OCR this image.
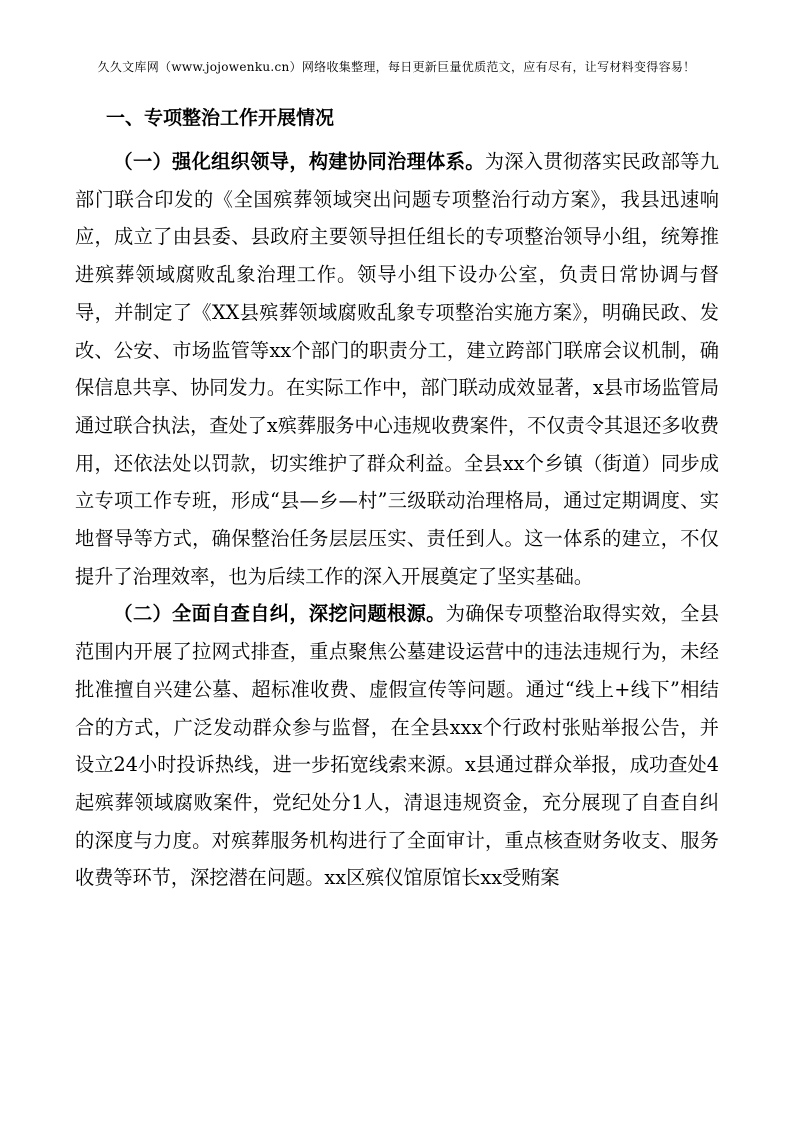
久久文库网（www.jojowenku.cn）网络收集整理，每日更新巨量优质范文，应有尽有，让写材料变得容易！
一、专项整治工作开展情况

（一）强化组织领导，构建协同治理体系。为深入贯彻落实民政部等九部门联合印发的《全国殡葬领域突出问题专项整治行动方案》，我县迅速响应，成立了由县委、县政府主要领导担任组长的专项整治领导小组，统筹推进殡葬领域腐败乱象治理工作。领导小组下设办公室，负责日常协调与督导，并制定了《XX县殡葬领域腐败乱象专项整治实施方案》，明确民政、发改、公安、市场监管等xx个部门的职责分工，建立跨部门联席会议机制，确保信息共享、协同发力。在实际工作中，部门联动成效显著，x县市场监管局通过联合执法，查处了x殡葬服务中心违规收费案件，不仅责令其退还多收费用，还依法处以罚款，切实维护了群众利益。全县xx个乡镇（街道）同步成立专项工作专班，形成“县—乡—村”三级联动治理格局，通过定期调度、实地督导等方式，确保整治任务层层压实、责任到人。这一体系的建立，不仅提升了治理效率，也为后续工作的深入开展奠定了坚实基础。

（二）全面自查自纠，深挖问题根源。为确保专项整治取得实效，全县范围内开展了拉网式排查，重点聚焦公墓建设运营中的违法违规行为，未经批准擅自兴建公墓、超标准收费、虚假宣传等问题。通过“线上+线下”相结合的方式，广泛发动群众参与监督，在全县xxx个行政村张贴举报公告，并设立24小时投诉热线，进一步拓宽线索来源。x县通过群众举报，成功查处4起殡葬领域腐败案件，党纪处分1人，清退违规资金，充分展现了自查自纠的深度与力度。对殡葬服务机构进行了全面审计，重点核查财务收支、服务收费等环节，深挖潜在问题。xx区殡仪馆原馆长xx受贿案
